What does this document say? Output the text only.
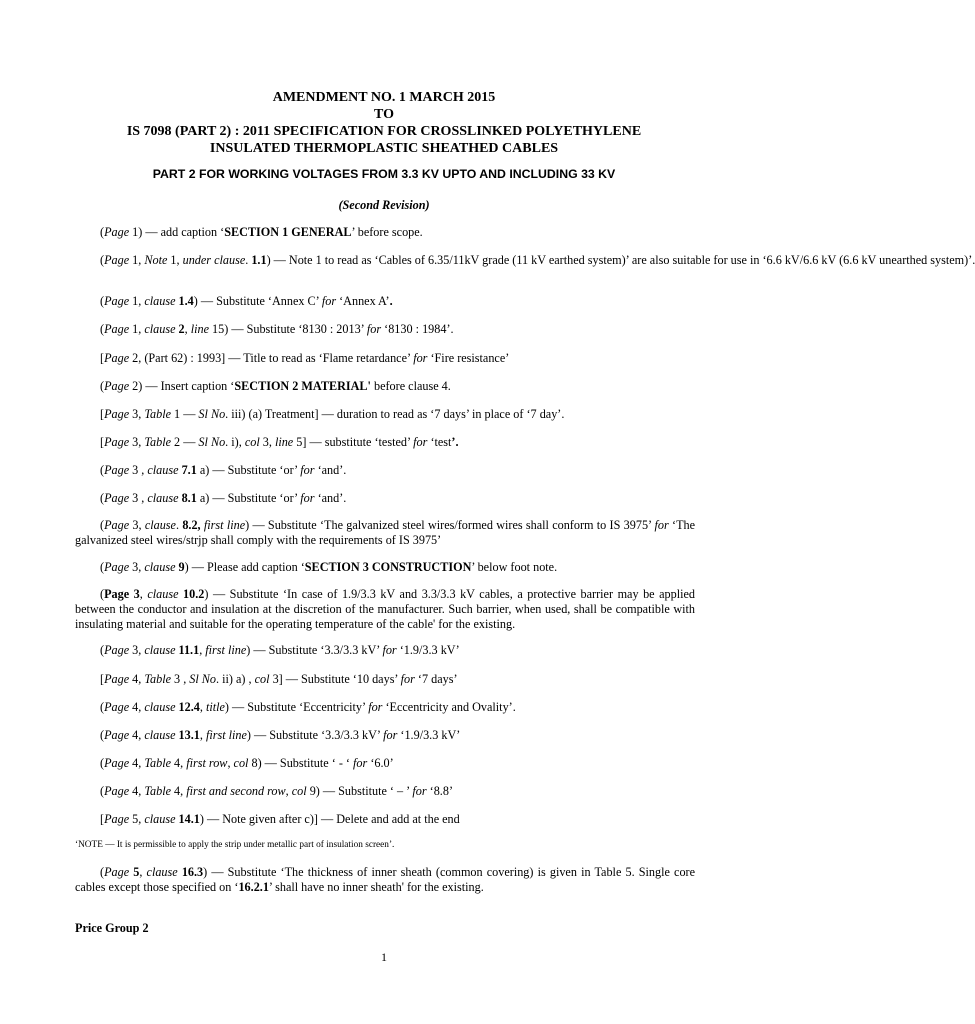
AMENDMENT NO. 1 MARCH 2015
TO
IS 7098 (PART 2) : 2011 SPECIFICATION FOR CROSSLINKED POLYETHYLENE
INSULATED THERMOPLASTIC SHEATHED CABLES
PART 2 FOR WORKING VOLTAGES FROM 3.3 KV UPTO AND INCLUDING 33 KV
(Second Revision)
(Page 1) — add caption ‘SECTION 1 GENERAL’ before scope.
(Page 1, Note 1, under clause. 1.1) — Note 1 to read as ‘Cables of 6.35/11kV grade (11 kV earthed system)’ are also suitable for use in ‘6.6 kV/6.6 kV (6.6 kV unearthed system)’.
(Page 1, clause 1.4) — Substitute ‘Annex C’ for ‘Annex A’.
(Page 1, clause 2, line 15) — Substitute ‘8130 : 2013’ for ‘8130 : 1984’.
[Page 2, (Part 62) : 1993] — Title to read as ‘Flame retardance’ for ‘Fire resistance’
(Page 2) — Insert caption ‘SECTION 2 MATERIAL' before clause 4.
[Page 3, Table 1 — Sl No. iii) (a) Treatment] — duration to read as ‘7 days’ in place of ‘7 day’.
[Page 3, Table 2 — Sl No. i), col 3, line 5] — substitute ‘tested’ for ‘test’.
(Page 3 , clause 7.1 a) — Substitute ‘or’ for ‘and’.
(Page 3 , clause 8.1 a) — Substitute ‘or’ for ‘and’.
(Page 3, clause. 8.2, first line) — Substitute ‘The galvanized steel wires/formed wires shall conform to IS 3975’ for ‘The galvanized steel wires/strjp shall comply with the requirements of IS 3975’
(Page 3, clause 9) — Please add caption ‘SECTION 3 CONSTRUCTION’ below foot note.
(Page 3, clause 10.2) — Substitute ‘In case of 1.9/3.3 kV and 3.3/3.3 kV cables, a protective barrier may be applied between the conductor and insulation at the discretion of the manufacturer. Such barrier, when used, shall be compatible with insulating material and suitable for the operating temperature of the cable' for the existing.
(Page 3, clause 11.1, first line) — Substitute ‘3.3/3.3 kV’ for ‘1.9/3.3 kV’
[Page 4, Table 3 , Sl No. ii) a) , col 3] — Substitute ‘10 days’ for ‘7 days’
(Page 4, clause 12.4, title) — Substitute ‘Eccentricity’ for ‘Eccentricity and Ovality’.
(Page 4, clause 13.1, first line) — Substitute ‘3.3/3.3 kV’ for ‘1.9/3.3 kV’
(Page 4, Table 4, first row, col 8) — Substitute ‘ - ‘ for ‘6.0’
(Page 4, Table 4, first and second row, col 9) — Substitute ‘ – ’ for ‘8.8’
[Page 5, clause 14.1) — Note given after c)] — Delete and add at the end
‘NOTE — It is permissible to apply the strip under metallic part of insulation screen’.
(Page 5, clause 16.3) — Substitute ‘The thickness of inner sheath (common covering) is given in Table 5. Single core cables except those specified on ‘16.2.1’ shall have no inner sheath' for the existing.
Price Group 2
1
